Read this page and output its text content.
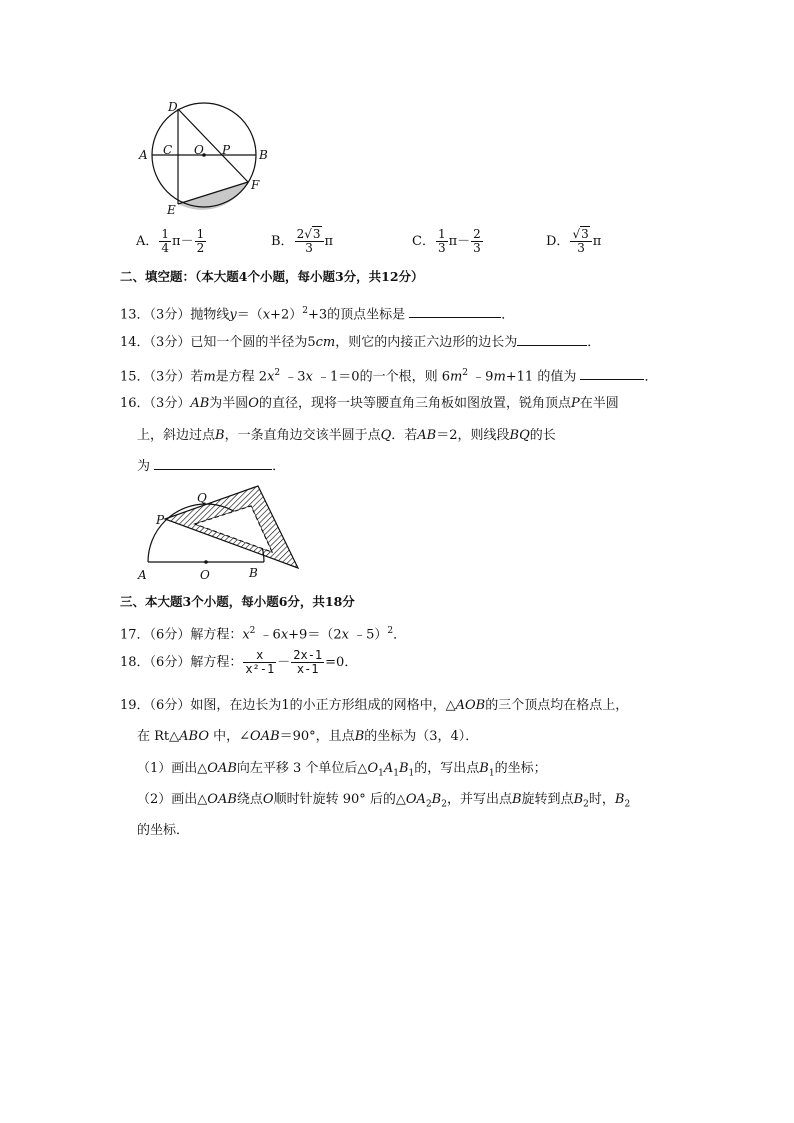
D
A C O P B
F
E
A． $\frac{1}{4} \pi- \frac{1}{2}$	B． $\frac{2√3}{3}$ π	C． $\frac{1}{3} \pi- \frac{2}{3}$	D． $\frac{√3}{3}$ π
二、填空题：（本大题4个小题，每小题3分，共12分）
13．（3分）抛物线$y=(x+2)^2+3$的顶点坐标是	．
14．（3分）已知一个圆的半径为5cm，则它的内接正六边形的边长为	．
15．（3分）若m是方程 $2x^2$ ﹣3x ﹣1＝0的一个根，则 $6m^2$ ﹣9m+11 的值为	．
16．（3分）AB为半圆O的直径，现将一块等腰直角三角板如图放置，锐角顶点P在半圆
上，斜边过点B，一条直角边交该半圆于点Q．若AB＝2，则线段BQ的长
为	．
Q
P
A	O	B
三、本大题3个小题，每小题6分，共18分
17．（6分）解方程：$x^2$ ﹣6x+9＝（2x ﹣5）$^2$．
18．（6分）解方程： $\frac{x}{\text{x²-1}} - \frac{2x-1}{x-1} =0$．
19．（6分）如图，在边长为1的小正方形组成的网格中，△AOB的三个顶点均在格点上，
在 Rt△ABO 中，∠OAB＝90°，且点B的坐标为（3，4）．
（1）画出△OAB向左平移 3 个单位后$\triangle O_1A_1B_1$的，写出点$B_1$的坐标；
（2）画出△OAB绕点O顺时针旋转 90° 后的$\triangle OA_2B_2$，并写出点B旋转到点$B_2$时，$B_2$
的坐标．
